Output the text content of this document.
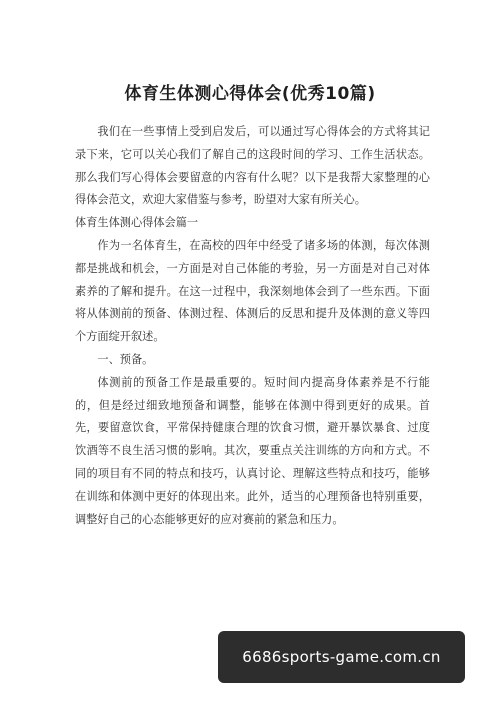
体育生体测心得体会(优秀10篇)

我们在一些事情上受到启发后，可以通过写心得体会的方式将其记录下来，它可以关心我们了解自己的这段时间的学习、工作生活状态。那么我们写心得体会要留意的内容有什么呢？以下是我帮大家整理的心得体会范文，欢迎大家借鉴与参考，盼望对大家有所关心。

体育生体测心得体会篇一

作为一名体育生，在高校的四年中经受了诸多场的体测，每次体测都是挑战和机会，一方面是对自己体能的考验，另一方面是对自己对体素养的了解和提升。在这一过程中，我深刻地体会到了一些东西。下面将从体测前的预备、体测过程、体测后的反思和提升及体测的意义等四个方面绽开叙述。

一、预备。

体测前的预备工作是最重要的。短时间内提高身体素养是不行能的，但是经过细致地预备和调整，能够在体测中得到更好的成果。首先，要留意饮食，平常保持健康合理的饮食习惯，避开暴饮暴食、过度饮酒等不良生活习惯的影响。其次，要重点关注训练的方向和方式。不同的项目有不同的特点和技巧，认真讨论、理解这些特点和技巧，能够在训练和体测中更好的体现出来。此外，适当的心理预备也特别重要，调整好自己的心态能够更好的应对赛前的紧急和压力。

6686sports-game.com.cn
